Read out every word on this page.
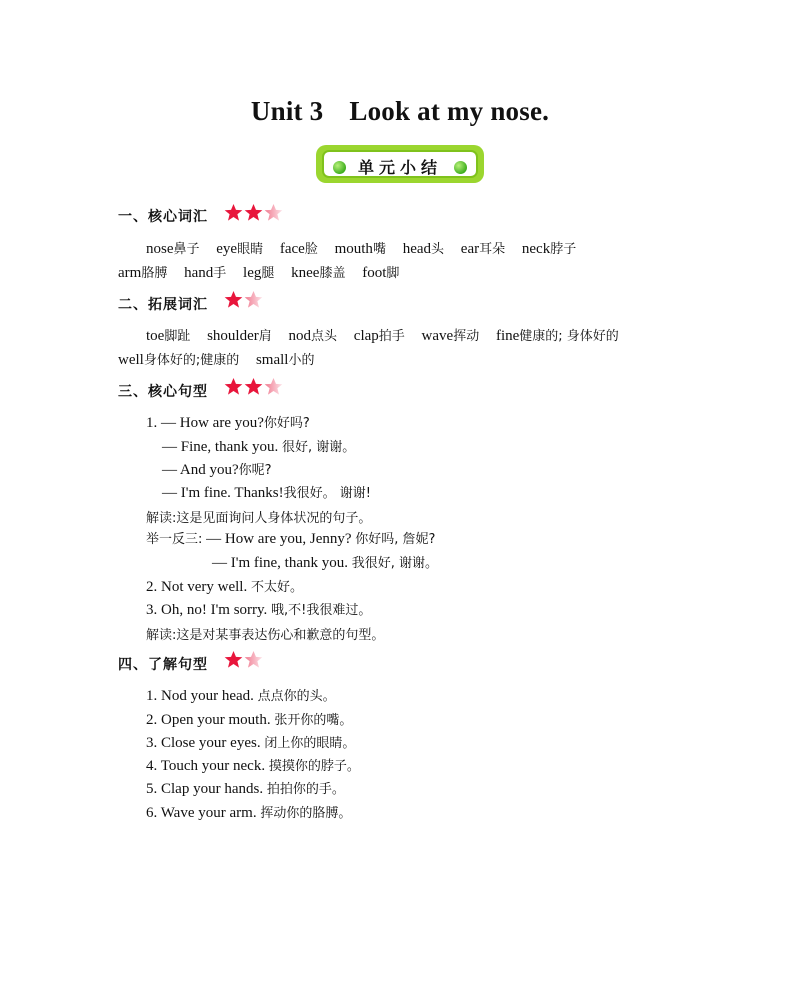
Unit 3 Look at my nose.
单元小结
一、核心词汇
nose鼻子 eye眼睛 face脸 mouth嘴 head头 ear耳朵 neck脖子
arm胳膊 hand手 leg腿 knee膝盖 foot脚
二、拓展词汇
toe脚趾 shoulder肩 nod点头 clap拍手 wave挥动 fine健康的; 身体好的
well身体好的;健康的 small小的
三、核心句型
1. — How are you?你好吗?
— Fine, thank you. 很好, 谢谢。
— And you?你呢?
— I'm fine. Thanks!我很好。 谢谢!
解读:这是见面询问人身体状况的句子。
举一反三: — How are you, Jenny? 你好吗, 詹妮?
— I'm fine, thank you. 我很好, 谢谢。
2. Not very well. 不太好。
3. Oh, no! I'm sorry. 哦,不!我很难过。
解读:这是对某事表达伤心和歉意的句型。
四、了解句型
1. Nod your head. 点点你的头。
2. Open your mouth. 张开你的嘴。
3. Close your eyes. 闭上你的眼睛。
4. Touch your neck. 摸摸你的脖子。
5. Clap your hands. 拍拍你的手。
6. Wave your arm. 挥动你的胳膊。
